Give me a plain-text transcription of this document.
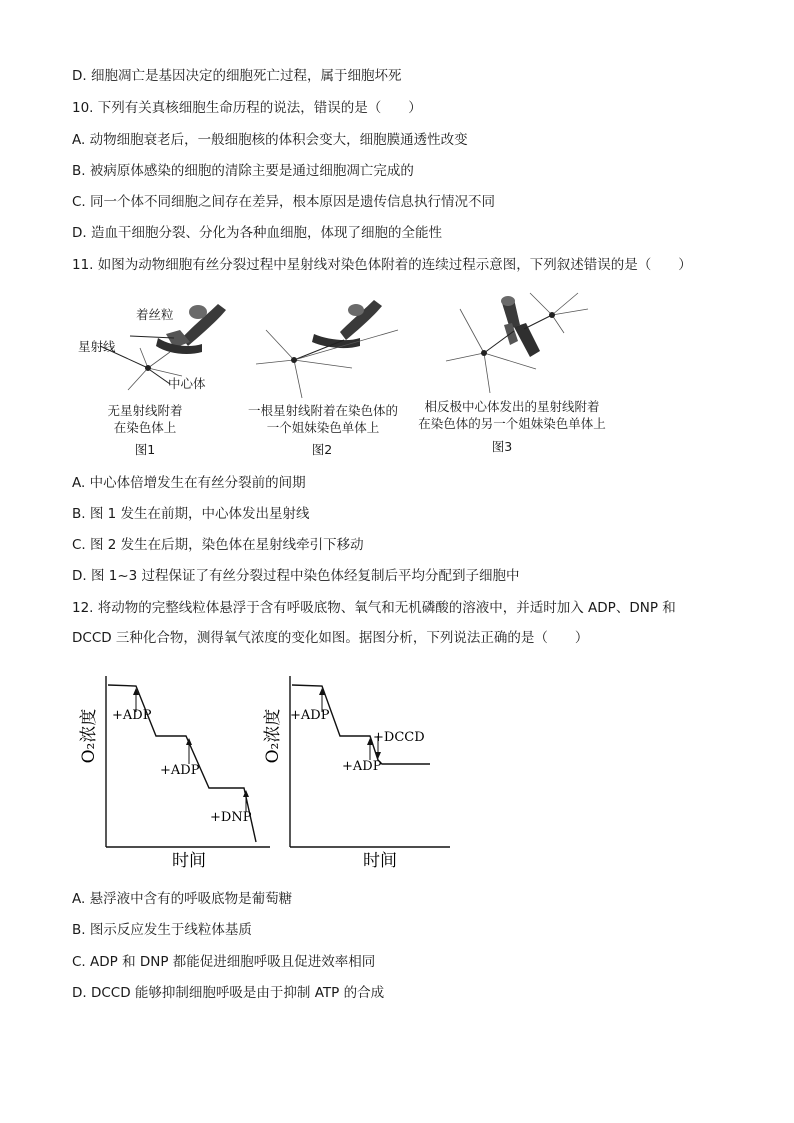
D. 细胞凋亡是基因决定的细胞死亡过程，属于细胞坏死
10. 下列有关真核细胞生命历程的说法，错误的是（　　）
A. 动物细胞衰老后，一般细胞核的体积会变大，细胞膜通透性改变
B. 被病原体感染的细胞的清除主要是通过细胞凋亡完成的
C. 同一个体不同细胞之间存在差异，根本原因是遗传信息执行情况不同
D. 造血干细胞分裂、分化为各种血细胞，体现了细胞的全能性
11. 如图为动物细胞有丝分裂过程中星射线对染色体附着的连续过程示意图，下列叙述错误的是（　　）
着丝粒
星射线
中心体
无星射线附着
在染色体上
图1
一根星射线附着在染色体的
一个姐妹染色单体上
图2
相反极中心体发出的星射线附着
在染色体的另一个姐妹染色单体上
图3
A. 中心体倍增发生在有丝分裂前的间期
B. 图 1 发生在前期，中心体发出星射线
C. 图 2 发生在后期，染色体在星射线牵引下移动
D. 图 1~3 过程保证了有丝分裂过程中染色体经复制后平均分配到子细胞中
12. 将动物的完整线粒体悬浮于含有呼吸底物、氧气和无机磷酸的溶液中，并适时加入 ADP、DNP 和
DCCD 三种化合物，测得氧气浓度的变化如图。据图分析，下列说法正确的是（　　）
O₂浓度
时间
+ADP
+ADP
+DNP
O₂浓度
时间
+ADP
+ADP
+DCCD
A. 悬浮液中含有的呼吸底物是葡萄糖
B. 图示反应发生于线粒体基质
C. ADP 和 DNP 都能促进细胞呼吸且促进效率相同
D. DCCD 能够抑制细胞呼吸是由于抑制 ATP 的合成
